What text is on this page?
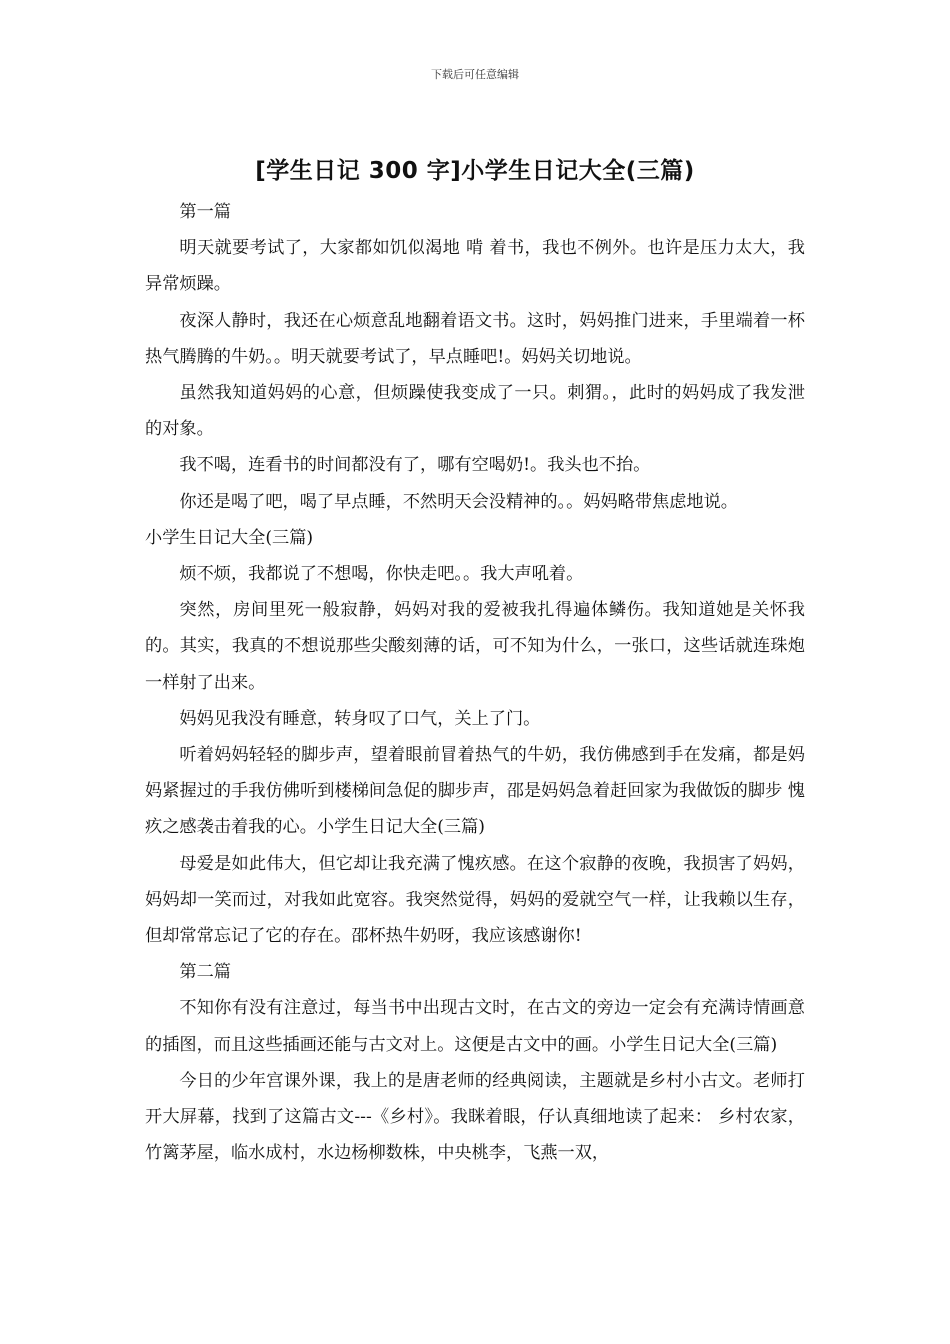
下载后可任意编辑
[学生日记 300 字]小学生日记大全(三篇)

第一篇

明天就要考试了，大家都如饥似渴地 啃 着书，我也不例外。也许是压力太大，我异常烦躁。

夜深人静时，我还在心烦意乱地翻着语文书。这时，妈妈推门进来，手里端着一杯热气腾腾的牛奶。。明天就要考试了，早点睡吧!。妈妈关切地说。

虽然我知道妈妈的心意，但烦躁使我变成了一只。刺猬。，此时的妈妈成了我发泄的对象。

我不喝，连看书的时间都没有了，哪有空喝奶!。我头也不抬。

你还是喝了吧，喝了早点睡，不然明天会没精神的。。妈妈略带焦虑地说。

小学生日记大全(三篇)

烦不烦，我都说了不想喝，你快走吧。。我大声吼着。

突然，房间里死一般寂静，妈妈对我的爱被我扎得遍体鳞伤。我知道她是关怀我的。其实，我真的不想说那些尖酸刻薄的话，可不知为什么，一张口，这些话就连珠炮一样射了出来。

妈妈见我没有睡意，转身叹了口气，关上了门。

听着妈妈轻轻的脚步声，望着眼前冒着热气的牛奶，我仿佛感到手在发痛，都是妈妈紧握过的手我仿佛听到楼梯间急促的脚步声，邵是妈妈急着赶回家为我做饭的脚步 愧疚之感袭击着我的心。小学生日记大全(三篇)

母爱是如此伟大，但它却让我充满了愧疚感。在这个寂静的夜晚，我损害了妈妈，妈妈却一笑而过，对我如此宽容。我突然觉得，妈妈的爱就空气一样，让我赖以生存，但却常常忘记了它的存在。邵杯热牛奶呀，我应该感谢你!

第二篇

不知你有没有注意过，每当书中出现古文时，在古文的旁边一定会有充满诗情画意的插图，而且这些插画还能与古文对上。这便是古文中的画。小学生日记大全(三篇)

今日的少年宫课外课，我上的是唐老师的经典阅读，主题就是乡村小古文。老师打开大屏幕，找到了这篇古文---《乡村》。我眯着眼，仔认真细地读了起来： 乡村农家，竹篱茅屋，临水成村，水边杨柳数株，中央桃李，飞燕一双，
